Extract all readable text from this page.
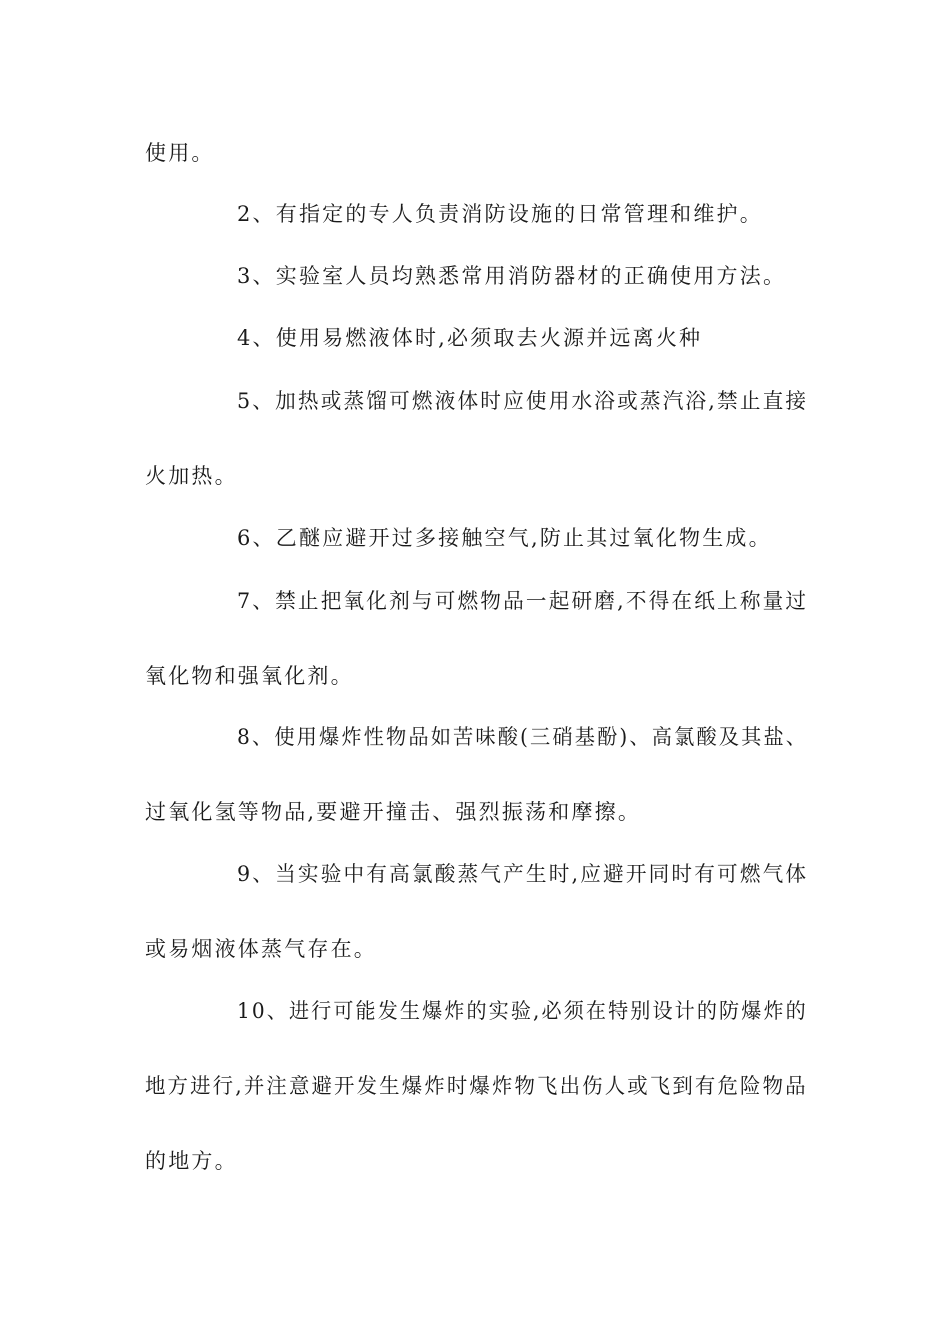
使用。
2、有指定的专人负责消防设施的日常管理和维护。
3、实验室人员均熟悉常用消防器材的正确使用方法。
4、使用易燃液体时,必须取去火源并远离火种
5、加热或蒸馏可燃液体时应使用水浴或蒸汽浴,禁止直接
火加热。
6、乙醚应避开过多接触空气,防止其过氧化物生成。
7、禁止把氧化剂与可燃物品一起研磨,不得在纸上称量过
氧化物和强氧化剂。
8、使用爆炸性物品如苦味酸(三硝基酚)、高氯酸及其盐、
过氧化氢等物品,要避开撞击、强烈振荡和摩擦。
9、当实验中有高氯酸蒸气产生时,应避开同时有可燃气体
或易烟液体蒸气存在。
10、进行可能发生爆炸的实验,必须在特别设计的防爆炸的
地方进行,并注意避开发生爆炸时爆炸物飞出伤人或飞到有危险物品
的地方。
